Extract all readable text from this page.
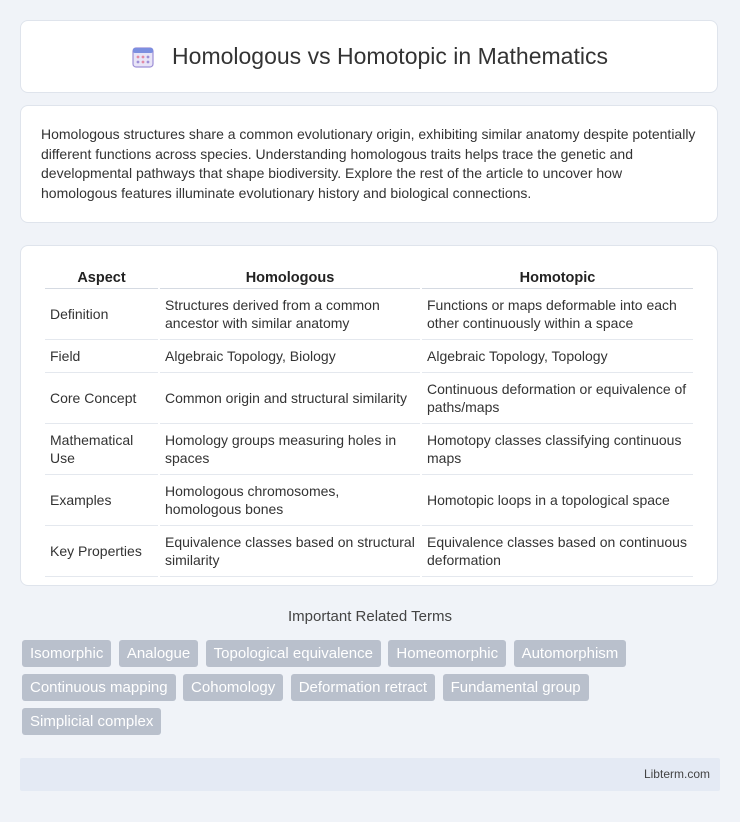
Homologous vs Homotopic in Mathematics

Homologous structures share a common evolutionary origin, exhibiting similar anatomy despite potentially different functions across species. Understanding homologous traits helps trace the genetic and developmental pathways that shape biodiversity. Explore the rest of the article to uncover how homologous features illuminate evolutionary history and biological connections.

Aspect	Homologous	Homotopic
Definition	Structures derived from a common ancestor with similar anatomy	Functions or maps deformable into each other continuously within a space
Field	Algebraic Topology, Biology	Algebraic Topology, Topology
Core Concept	Common origin and structural similarity	Continuous deformation or equivalence of paths/maps
Mathematical Use	Homology groups measuring holes in spaces	Homotopy classes classifying continuous maps
Examples	Homologous chromosomes, homologous bones	Homotopic loops in a topological space
Key Properties	Equivalence classes based on structural similarity	Equivalence classes based on continuous deformation
Important Related Terms
Isomorphic Analogue Topological equivalence Homeomorphic Automorphism Continuous mapping Cohomology Deformation retract Fundamental group Simplicial complex
Libterm.com
